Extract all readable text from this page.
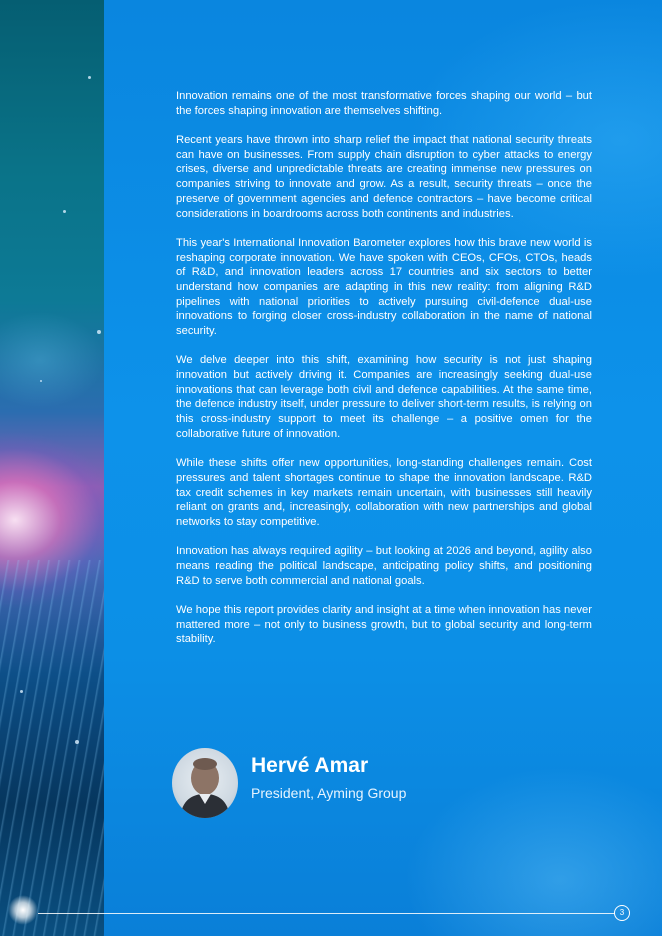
Innovation remains one of the most transformative forces shaping our world – but the forces shaping innovation are themselves shifting.

Recent years have thrown into sharp relief the impact that national security threats can have on businesses. From supply chain disruption to cyber attacks to energy crises, diverse and unpredictable threats are creating immense new pressures on companies striving to innovate and grow. As a result, security threats – once the preserve of government agencies and defence contractors – have become critical considerations in boardrooms across both continents and industries.

This year's International Innovation Barometer explores how this brave new world is reshaping corporate innovation. We have spoken with CEOs, CFOs, CTOs, heads of R&D, and innovation leaders across 17 countries and six sectors to better understand how companies are adapting in this new reality: from aligning R&D pipelines with national priorities to actively pursuing civil-defence dual-use innovations to forging closer cross-industry collaboration in the name of national security.

We delve deeper into this shift, examining how security is not just shaping innovation but actively driving it. Companies are increasingly seeking dual-use innovations that can leverage both civil and defence capabilities. At the same time, the defence industry itself, under pressure to deliver short-term results, is relying on this cross-industry support to meet its challenge – a positive omen for the collaborative future of innovation.

While these shifts offer new opportunities, long-standing challenges remain. Cost pressures and talent shortages continue to shape the innovation landscape. R&D tax credit schemes in key markets remain uncertain, with businesses still heavily reliant on grants and, increasingly, collaboration with new partnerships and global networks to stay competitive.

Innovation has always required agility – but looking at 2026 and beyond, agility also means reading the political landscape, anticipating policy shifts, and positioning R&D to serve both commercial and national goals.

We hope this report provides clarity and insight at a time when innovation has never mattered more – not only to business growth, but to global security and long-term stability.

Hervé Amar
President, Ayming Group
3
